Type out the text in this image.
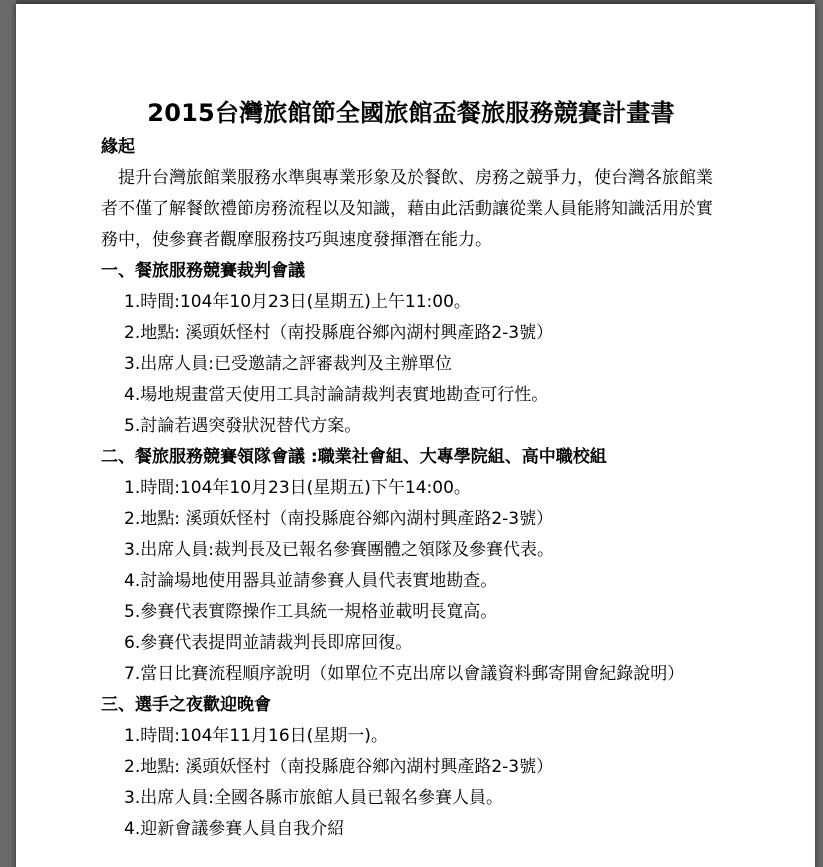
2015台灣旅館節全國旅館盃餐旅服務競賽計畫書
緣起
提升台灣旅館業服務水準與專業形象及於餐飲、房務之競爭力，使台灣各旅館業者不僅了解餐飲禮節房務流程以及知識，藉由此活動讓從業人員能將知識活用於實務中，使參賽者觀摩服務技巧與速度發揮潛在能力。
一、餐旅服務競賽裁判會議
1.時間:104年10月23日(星期五)上午11:00。
2.地點: 溪頭妖怪村（南投縣鹿谷鄉內湖村興產路2-3號）
3.出席人員:已受邀請之評審裁判及主辦單位
4.場地規畫當天使用工具討論請裁判表實地勘查可行性。
5.討論若遇突發狀況替代方案。
二、餐旅服務競賽領隊會議 :職業社會組、大專學院組、高中職校組
1.時間:104年10月23日(星期五)下午14:00。
2.地點: 溪頭妖怪村（南投縣鹿谷鄉內湖村興產路2-3號）
3.出席人員:裁判長及已報名參賽團體之領隊及參賽代表。
4.討論場地使用器具並請參賽人員代表實地勘查。
5.參賽代表實際操作工具統一規格並載明長寬高。
6.參賽代表提問並請裁判長即席回復。
7.當日比賽流程順序說明（如單位不克出席以會議資料郵寄開會紀錄說明）
三、選手之夜歡迎晚會
1.時間:104年11月16日(星期一)。
2.地點: 溪頭妖怪村（南投縣鹿谷鄉內湖村興產路2-3號）
3.出席人員:全國各縣市旅館人員已報名參賽人員。
4.迎新會議參賽人員自我介紹
